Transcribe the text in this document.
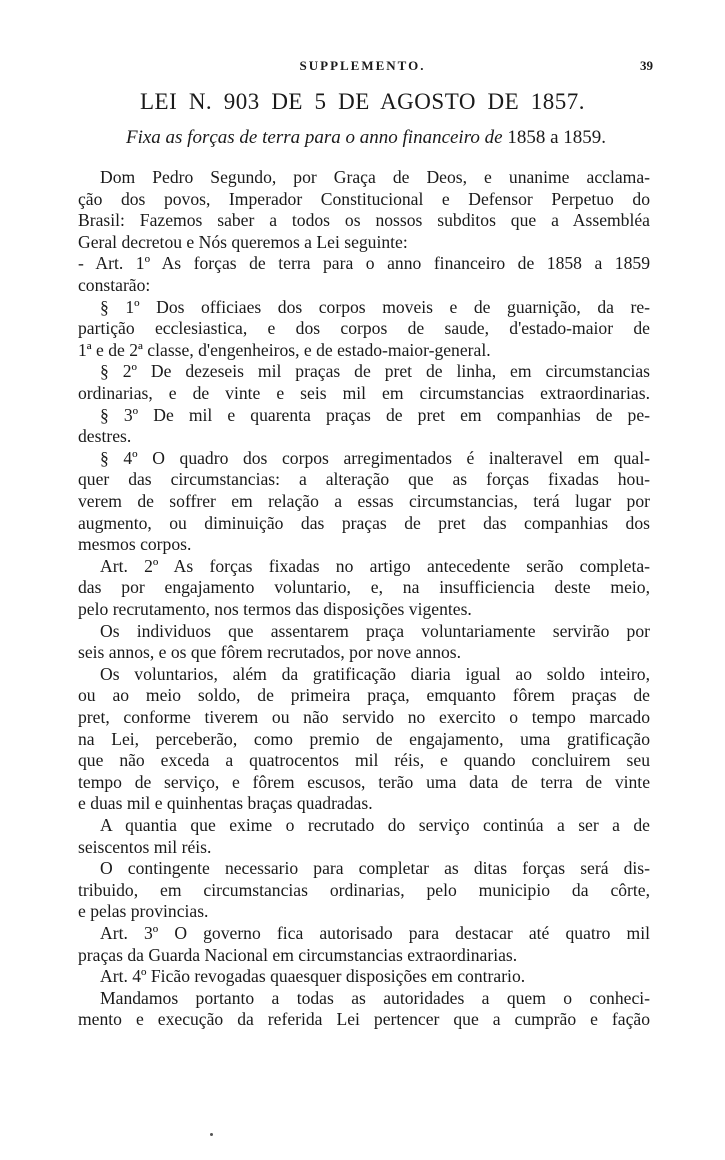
SUPPLEMENTO.	39
LEI N. 903 DE 5 DE AGOSTO DE 1857.
Fixa as forças de terra para o anno financeiro de 1858 a 1859.
Dom Pedro Segundo, por Graça de Deos, e unanime acclama-
ção dos povos, Imperador Constitucional e Defensor Perpetuo do
Brasil: Fazemos saber a todos os nossos subditos que a Assembléa
Geral decretou e Nós queremos a Lei seguinte:
- Art. 1º As forças de terra para o anno financeiro de 1858 a 1859
constarão:
§ 1º Dos officiaes dos corpos moveis e de guarnição, da re-
partição ecclesiastica, e dos corpos de saude, d'estado-maior de
1ª e de 2ª classe, d'engenheiros, e de estado-maior-general.
§ 2º De dezeseis mil praças de pret de linha, em circumstancias
ordinarias, e de vinte e seis mil em circumstancias extraordinarias.
§ 3º De mil e quarenta praças de pret em companhias de pe-
destres.
§ 4º O quadro dos corpos arregimentados é inalteravel em qual-
quer das circumstancias: a alteração que as forças fixadas hou-
verem de soffrer em relação a essas circumstancias, terá lugar por
augmento, ou diminuição das praças de pret das companhias dos
mesmos corpos.
Art. 2º As forças fixadas no artigo antecedente serão completa-
das por engajamento voluntario, e, na insufficiencia deste meio,
pelo recrutamento, nos termos das disposições vigentes.
Os individuos que assentarem praça voluntariamente servirão por
seis annos, e os que fôrem recrutados, por nove annos.
Os voluntarios, além da gratificação diaria igual ao soldo inteiro,
ou ao meio soldo, de primeira praça, emquanto fôrem praças de
pret, conforme tiverem ou não servido no exercito o tempo marcado
na Lei, perceberão, como premio de engajamento, uma gratificação
que não exceda a quatrocentos mil réis, e quando concluirem seu
tempo de serviço, e fôrem escusos, terão uma data de terra de vinte
e duas mil e quinhentas braças quadradas.
A quantia que exime o recrutado do serviço continúa a ser a de
seiscentos mil réis.
O contingente necessario para completar as ditas forças será dis-
tribuido, em circumstancias ordinarias, pelo municipio da côrte,
e pelas provincias.
Art. 3º O governo fica autorisado para destacar até quatro mil
praças da Guarda Nacional em circumstancias extraordinarias.
Art. 4º Ficão revogadas quaesquer disposições em contrario.
Mandamos portanto a todas as autoridades a quem o conheci-
mento e execução da referida Lei pertencer que a cumprão e fação
